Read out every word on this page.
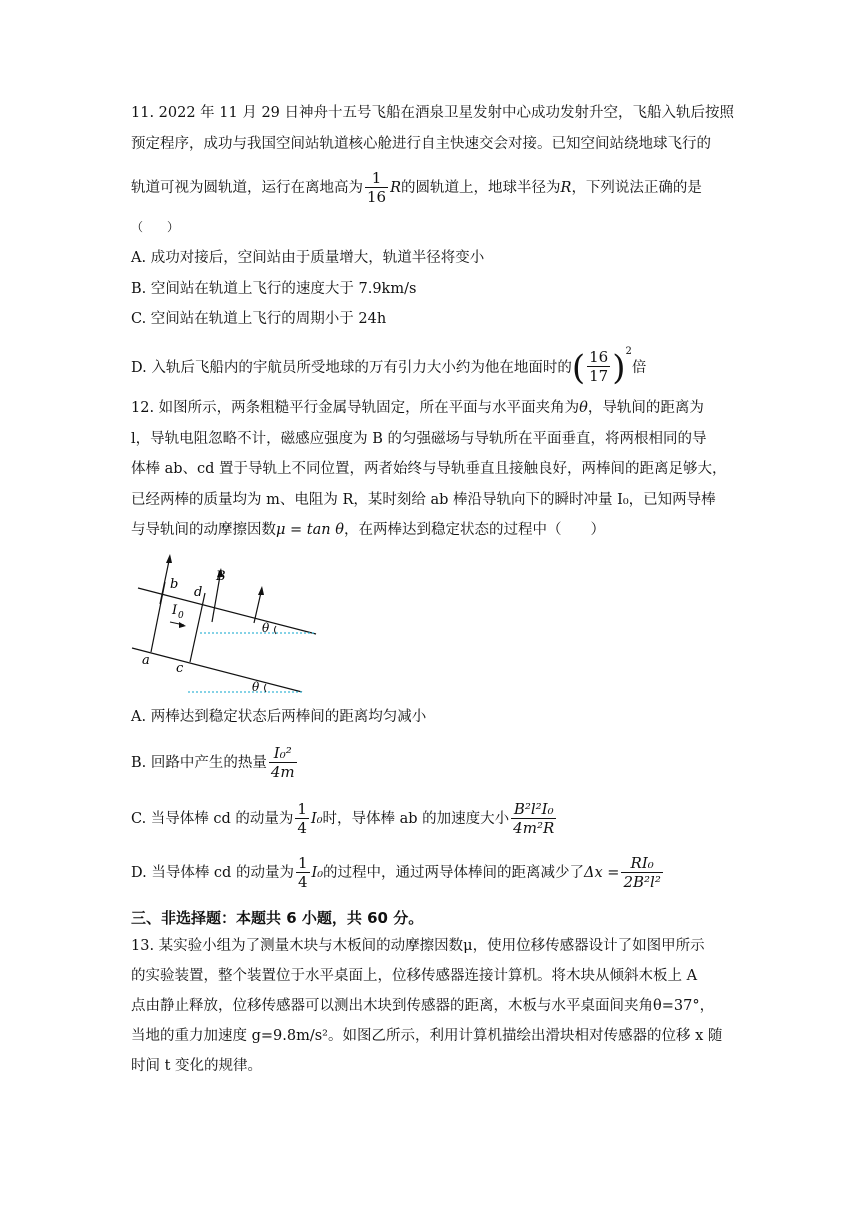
11. 2022 年 11 月 29 日神舟十五号飞船在酒泉卫星发射中心成功发射升空，飞船入轨后按照
预定程序，成功与我国空间站轨道核心舱进行自主快速交会对接。已知空间站绕地球飞行的
轨道可视为圆轨道，运行在离地高为 $\frac{1}{16}$ R的圆轨道上，地球半径为R，下列说法正确的是
（　　）
A. 成功对接后，空间站由于质量增大，轨道半径将变小
B. 空间站在轨道上飞行的速度大于 7.9km/s
C. 空间站在轨道上飞行的周期小于 24h
D. 入轨后飞船内的宇航员所受地球的万有引力大小约为他在地面时的( $\frac{16}{17} )^2$倍
12. 如图所示，两条粗糙平行金属导轨固定，所在平面与水平面夹角为θ，导轨间的距离为
l，导轨电阻忽略不计，磁感应强度为 B 的匀强磁场与导轨所在平面垂直，将两根相同的导
体棒 ab、cd 置于导轨上不同位置，两者始终与导轨垂直且接触良好，两棒间的距离足够大，
已经两棒的质量均为 m、电阻为 R，某时刻给 ab 棒沿导轨向下的瞬时冲量 I₀，已知两导棒
与导轨间的动摩擦因数μ = tan θ，在两棒达到稳定状态的过程中（　　）
b
d
B
I 0
a
c
θ
θ
A. 两棒达到稳定状态后两棒间的距离均匀减小
B. 回路中产生的热量 $\frac{\text{I₀²}}{4m}$
C. 当导体棒 cd 的动量为 $\frac{1}{4} I_0$时，导体棒 ab 的加速度大小 $\frac{\text{B²l²I₀}}{\text{4m²R}}$
D. 当导体棒 cd 的动量为 $\frac{1}{4} I_0$的过程中，通过两导体棒间的距离减少了$\Delta x = \frac{\text{RI₀}}{\text{2B²l²}}$
三、非选择题：本题共 6 小题，共 60 分。
13. 某实验小组为了测量木块与木板间的动摩擦因数μ，使用位移传感器设计了如图甲所示
的实验装置，整个装置位于水平桌面上，位移传感器连接计算机。将木块从倾斜木板上 A
点由静止释放，位移传感器可以测出木块到传感器的距离，木板与水平桌面间夹角θ=37°，
当地的重力加速度 g=9.8m/s²。如图乙所示，利用计算机描绘出滑块相对传感器的位移 x 随
时间 t 变化的规律。
